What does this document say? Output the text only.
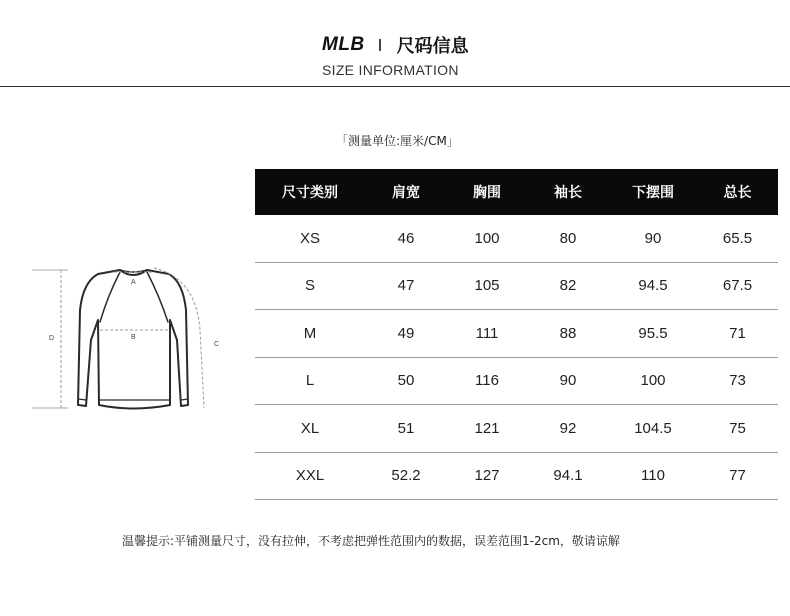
MLB 尺码信息
SIZE INFORMATION
「测量单位:厘米/CM」
A
B
C
D
尺寸类别	肩宽	胸围	袖长	下摆围	总长
XS	46	100	80	90	65.5
S	47	105	82	94.5	67.5
M	49	111	88	95.5	71
L	50	116	90	100	73
XL	51	121	92	104.5	75
XXL	52.2	127	94.1	110	77
温馨提示:平铺测量尺寸，没有拉伸，不考虑把弹性范围内的数据，误差范围1-2cm，敬请谅解
